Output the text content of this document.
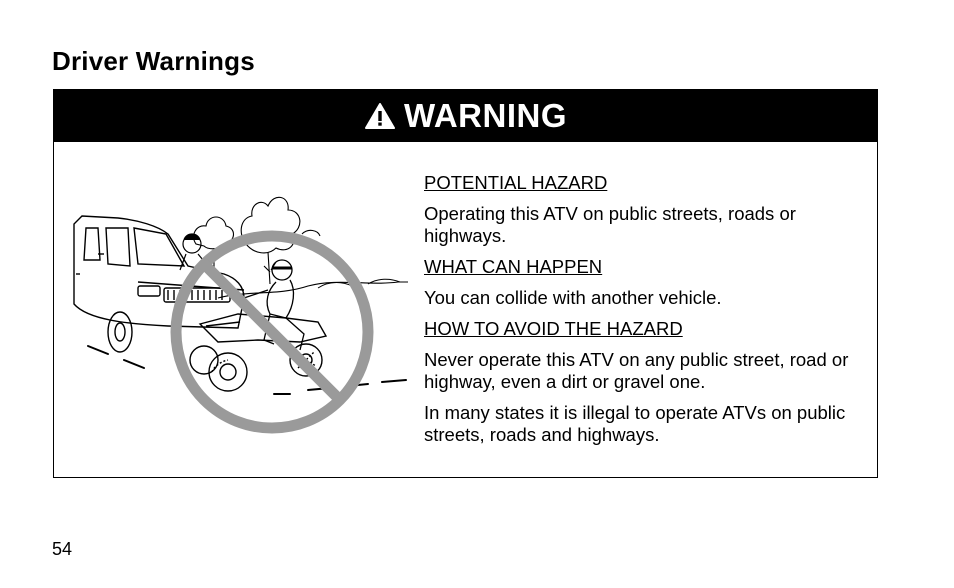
Driver Warnings
WARNING

POTENTIAL HAZARD

Operating this ATV on public streets, roads or highways.

WHAT CAN HAPPEN

You can collide with another vehicle.

HOW TO AVOID THE HAZARD

Never operate this ATV on any public street, road or highway, even a dirt or gravel one.

In many states it is illegal to operate ATVs on public streets, roads and highways.

54
